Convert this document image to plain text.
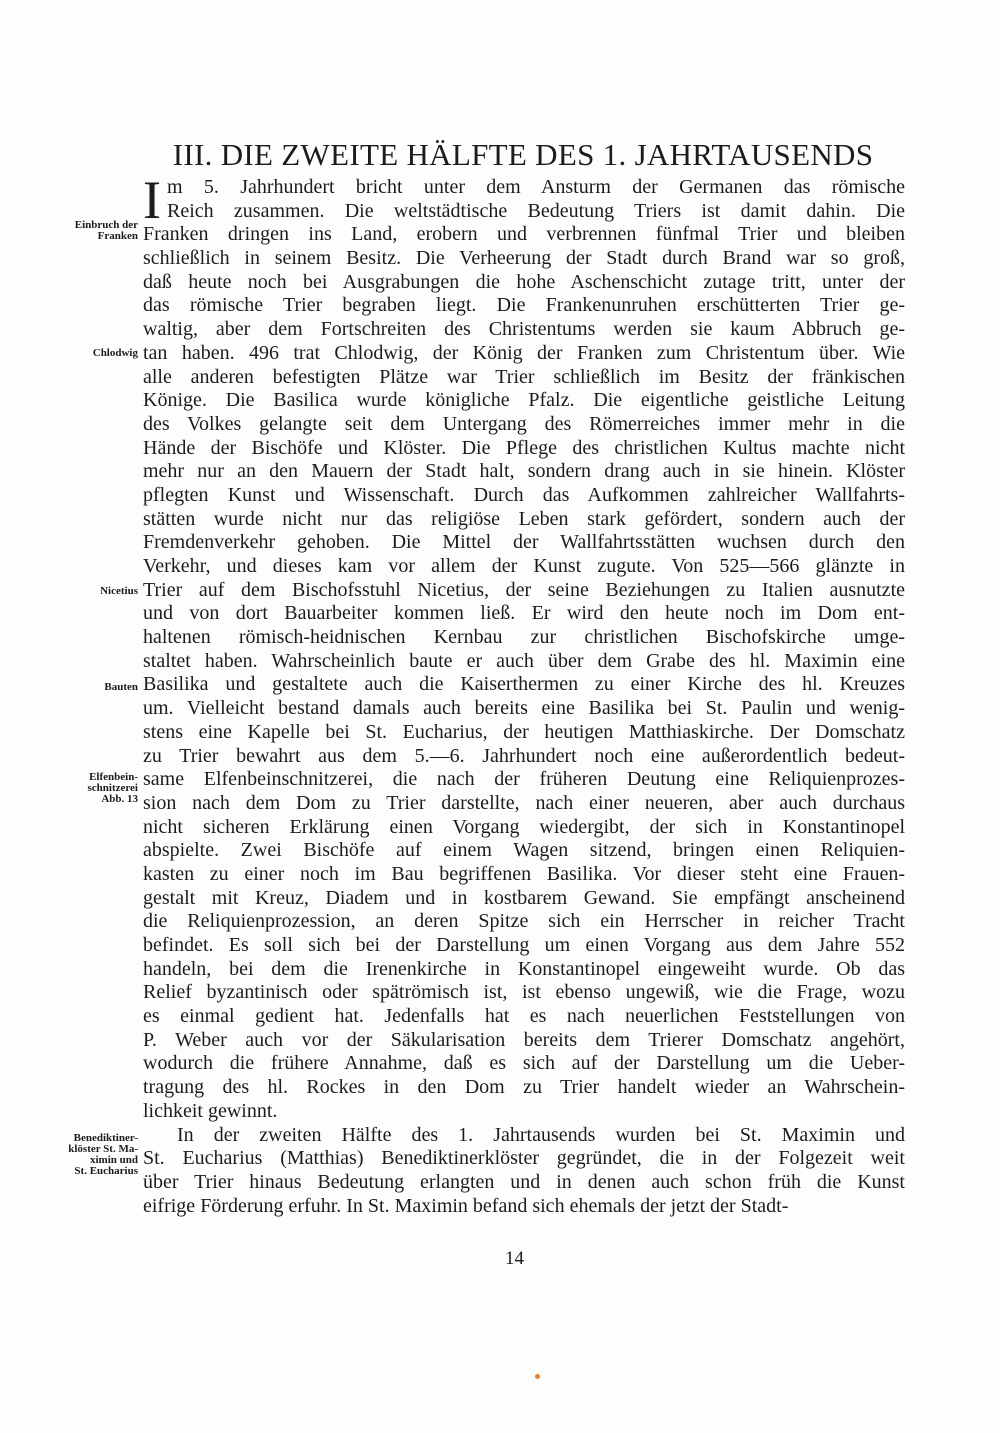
III. DIE ZWEITE HÄLFTE DES 1. JAHRTAUSENDS
I m 5. Jahrhundert bricht unter dem Ansturm der Germanen das römische
Reich zusammen. Die weltstädtische Bedeutung Triers ist damit dahin. Die
Franken dringen ins Land, erobern und verbrennen fünfmal Trier und bleiben
schließlich in seinem Besitz. Die Verheerung der Stadt durch Brand war so groß,
daß heute noch bei Ausgrabungen die hohe Aschenschicht zutage tritt, unter der
das römische Trier begraben liegt. Die Frankenunruhen erschütterten Trier ge-
waltig, aber dem Fortschreiten des Christentums werden sie kaum Abbruch ge-
tan haben. 496 trat Chlodwig, der König der Franken zum Christentum über. Wie
alle anderen befestigten Plätze war Trier schließlich im Besitz der fränkischen
Könige. Die Basilica wurde königliche Pfalz. Die eigentliche geistliche Leitung
des Volkes gelangte seit dem Untergang des Römerreiches immer mehr in die
Hände der Bischöfe und Klöster. Die Pflege des christlichen Kultus machte nicht
mehr nur an den Mauern der Stadt halt, sondern drang auch in sie hinein. Klöster
pflegten Kunst und Wissenschaft. Durch das Aufkommen zahlreicher Wallfahrts-
stätten wurde nicht nur das religiöse Leben stark gefördert, sondern auch der
Fremdenverkehr gehoben. Die Mittel der Wallfahrtsstätten wuchsen durch den
Verkehr, und dieses kam vor allem der Kunst zugute. Von 525—566 glänzte in
Trier auf dem Bischofsstuhl Nicetius, der seine Beziehungen zu Italien ausnutzte
und von dort Bauarbeiter kommen ließ. Er wird den heute noch im Dom ent-
haltenen römisch-heidnischen Kernbau zur christlichen Bischofskirche umge-
staltet haben. Wahrscheinlich baute er auch über dem Grabe des hl. Maximin eine
Basilika und gestaltete auch die Kaiserthermen zu einer Kirche des hl. Kreuzes
um. Vielleicht bestand damals auch bereits eine Basilika bei St. Paulin und wenig-
stens eine Kapelle bei St. Eucharius, der heutigen Matthiaskirche. Der Domschatz
zu Trier bewahrt aus dem 5.—6. Jahrhundert noch eine außerordentlich bedeut-
same Elfenbeinschnitzerei, die nach der früheren Deutung eine Reliquienprozes-
sion nach dem Dom zu Trier darstellte, nach einer neueren, aber auch durchaus
nicht sicheren Erklärung einen Vorgang wiedergibt, der sich in Konstantinopel
abspielte. Zwei Bischöfe auf einem Wagen sitzend, bringen einen Reliquien-
kasten zu einer noch im Bau begriffenen Basilika. Vor dieser steht eine Frauen-
gestalt mit Kreuz, Diadem und in kostbarem Gewand. Sie empfängt anscheinend
die Reliquienprozession, an deren Spitze sich ein Herrscher in reicher Tracht
befindet. Es soll sich bei der Darstellung um einen Vorgang aus dem Jahre 552
handeln, bei dem die Irenenkirche in Konstantinopel eingeweiht wurde. Ob das
Relief byzantinisch oder spätrömisch ist, ist ebenso ungewiß, wie die Frage, wozu
es einmal gedient hat. Jedenfalls hat es nach neuerlichen Feststellungen von
P. Weber auch vor der Säkularisation bereits dem Trierer Domschatz angehört,
wodurch die frühere Annahme, daß es sich auf der Darstellung um die Ueber-
tragung des hl. Rockes in den Dom zu Trier handelt wieder an Wahrschein-
lichkeit gewinnt.
In der zweiten Hälfte des 1. Jahrtausends wurden bei St. Maximin und
St. Eucharius (Matthias) Benediktinerklöster gegründet, die in der Folgezeit weit
über Trier hinaus Bedeutung erlangten und in denen auch schon früh die Kunst
eifrige Förderung erfuhr. In St. Maximin befand sich ehemals der jetzt der Stadt-
Einbruch der
Franken
Chlodwig
Nicetius
Bauten
Elfenbein-
schnitzerei
Abb. 13
Benediktiner-
klöster St. Ma-
ximin und
St. Eucharius
14
